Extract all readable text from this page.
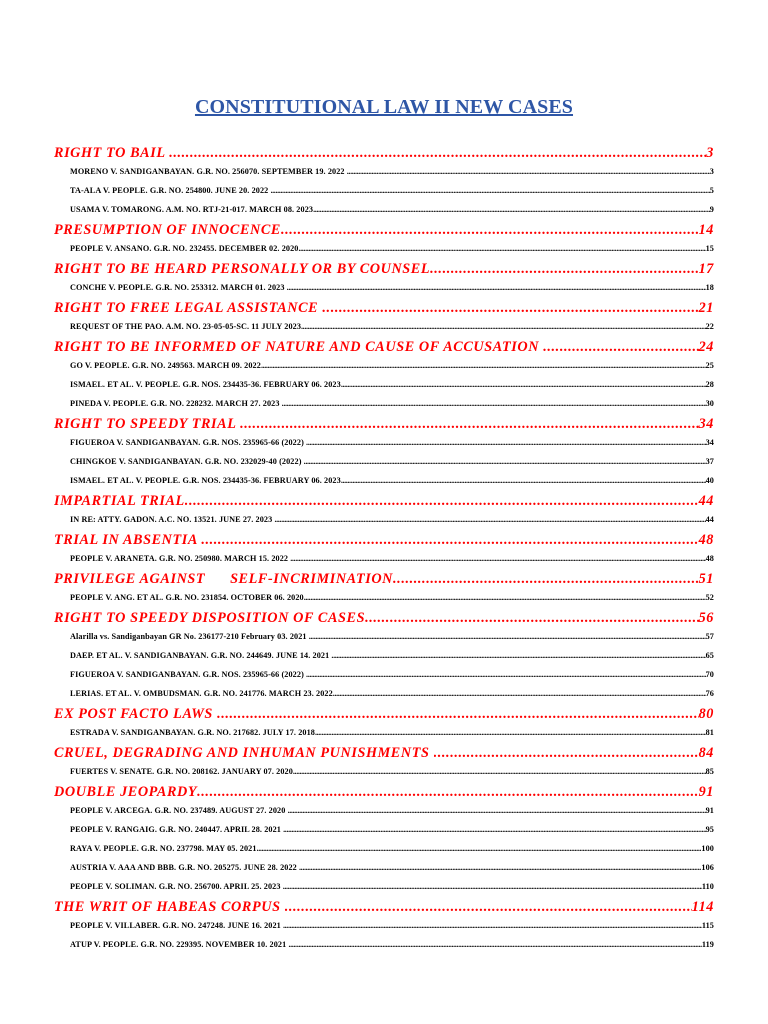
CONSTITUTIONAL LAW II NEW CASES
RIGHT TO BAIL .....	3
MORENO V. SANDIGANBAYAN. G.R. NO. 256070. SEPTEMBER 19. 2022 .....	3
TA-ALA V. PEOPLE. G.R. NO. 254800. JUNE 20. 2022 .....	5
USAMA V. TOMARONG. A.M. NO. RTJ-21-017. MARCH 08. 2023 .....	9
PRESUMPTION OF INNOCENCE .....	14
PEOPLE V. ANSANO. G.R. NO. 232455. DECEMBER 02. 2020 .....	15
RIGHT TO BE HEARD PERSONALLY OR BY COUNSEL .....	17
CONCHE V. PEOPLE. G.R. NO. 253312. MARCH 01. 2023 .....	18
RIGHT TO FREE LEGAL ASSISTANCE .....	21
REQUEST OF THE PAO. A.M. NO. 23-05-05-SC. 11 JULY 2023 .....	22
RIGHT TO BE INFORMED OF NATURE AND CAUSE OF ACCUSATION .....	24
GO V. PEOPLE. G.R. NO. 249563. MARCH 09. 2022 .....	25
ISMAEL. ET AL. V. PEOPLE. G.R. NOS. 234435-36. FEBRUARY 06. 2023 .....	28
PINEDA V. PEOPLE. G.R. NO. 228232. MARCH 27. 2023 .....	30
RIGHT TO SPEEDY TRIAL .....	34
FIGUEROA V. SANDIGANBAYAN. G.R. NOS. 235965-66 (2022) .....	34
CHINGKOE V. SANDIGANBAYAN. G.R. NO. 232029-40 (2022) .....	37
ISMAEL. ET AL. V. PEOPLE. G.R. NOS. 234435-36. FEBRUARY 06. 2023 .....	40
IMPARTIAL TRIAL .....	44
IN RE: ATTY. GADON. A.C. NO. 13521. JUNE 27. 2023 .....	44
TRIAL IN ABSENTIA .....	48
PEOPLE V. ARANETA. G.R. NO. 250980. MARCH 15. 2022 .....	48
PRIVILEGE AGAINST      SELF-INCRIMINATION .....	51
PEOPLE V. ANG. ET AL. G.R. NO. 231854. OCTOBER 06. 2020 .....	52
RIGHT TO SPEEDY DISPOSITION OF CASES .....	56
Alarilla vs. Sandiganbayan GR No. 236177-210 February 03. 2021 .....	57
DAEP. ET AL. V. SANDIGANBAYAN. G.R. NO. 244649. JUNE 14. 2021 .....	65
FIGUEROA V. SANDIGANBAYAN. G.R. NOS. 235965-66 (2022) .....	70
LERIAS. ET AL. V. OMBUDSMAN. G.R. NO. 241776. MARCH 23. 2022 .....	76
EX POST FACTO LAWS .....	80
ESTRADA V. SANDIGANBAYAN. G.R. NO. 217682. JULY 17. 2018 .....	81
CRUEL, DEGRADING AND INHUMAN PUNISHMENTS .....	84
FUERTES V. SENATE. G.R. NO. 208162. JANUARY 07. 2020 .....	85
DOUBLE JEOPARDY .....	91
PEOPLE V. ARCEGA. G.R. NO. 237489. AUGUST 27. 2020 .....	91
PEOPLE V. RANGAIG. G.R. NO. 240447. APRIL 28. 2021 .....	95
RAYA V. PEOPLE. G.R. NO. 237798. MAY 05. 2021 .....	100
AUSTRIA V. AAA AND BBB. G.R. NO. 205275. JUNE 28. 2022 .....	106
PEOPLE V. SOLIMAN. G.R. NO. 256700. APRIL 25. 2023 .....	110
THE WRIT OF HABEAS CORPUS .....	114
PEOPLE V. VILLABER. G.R. NO. 247248. JUNE 16. 2021 .....	115
ATUP V. PEOPLE. G.R. NO. 229395. NOVEMBER 10. 2021 .....	119
